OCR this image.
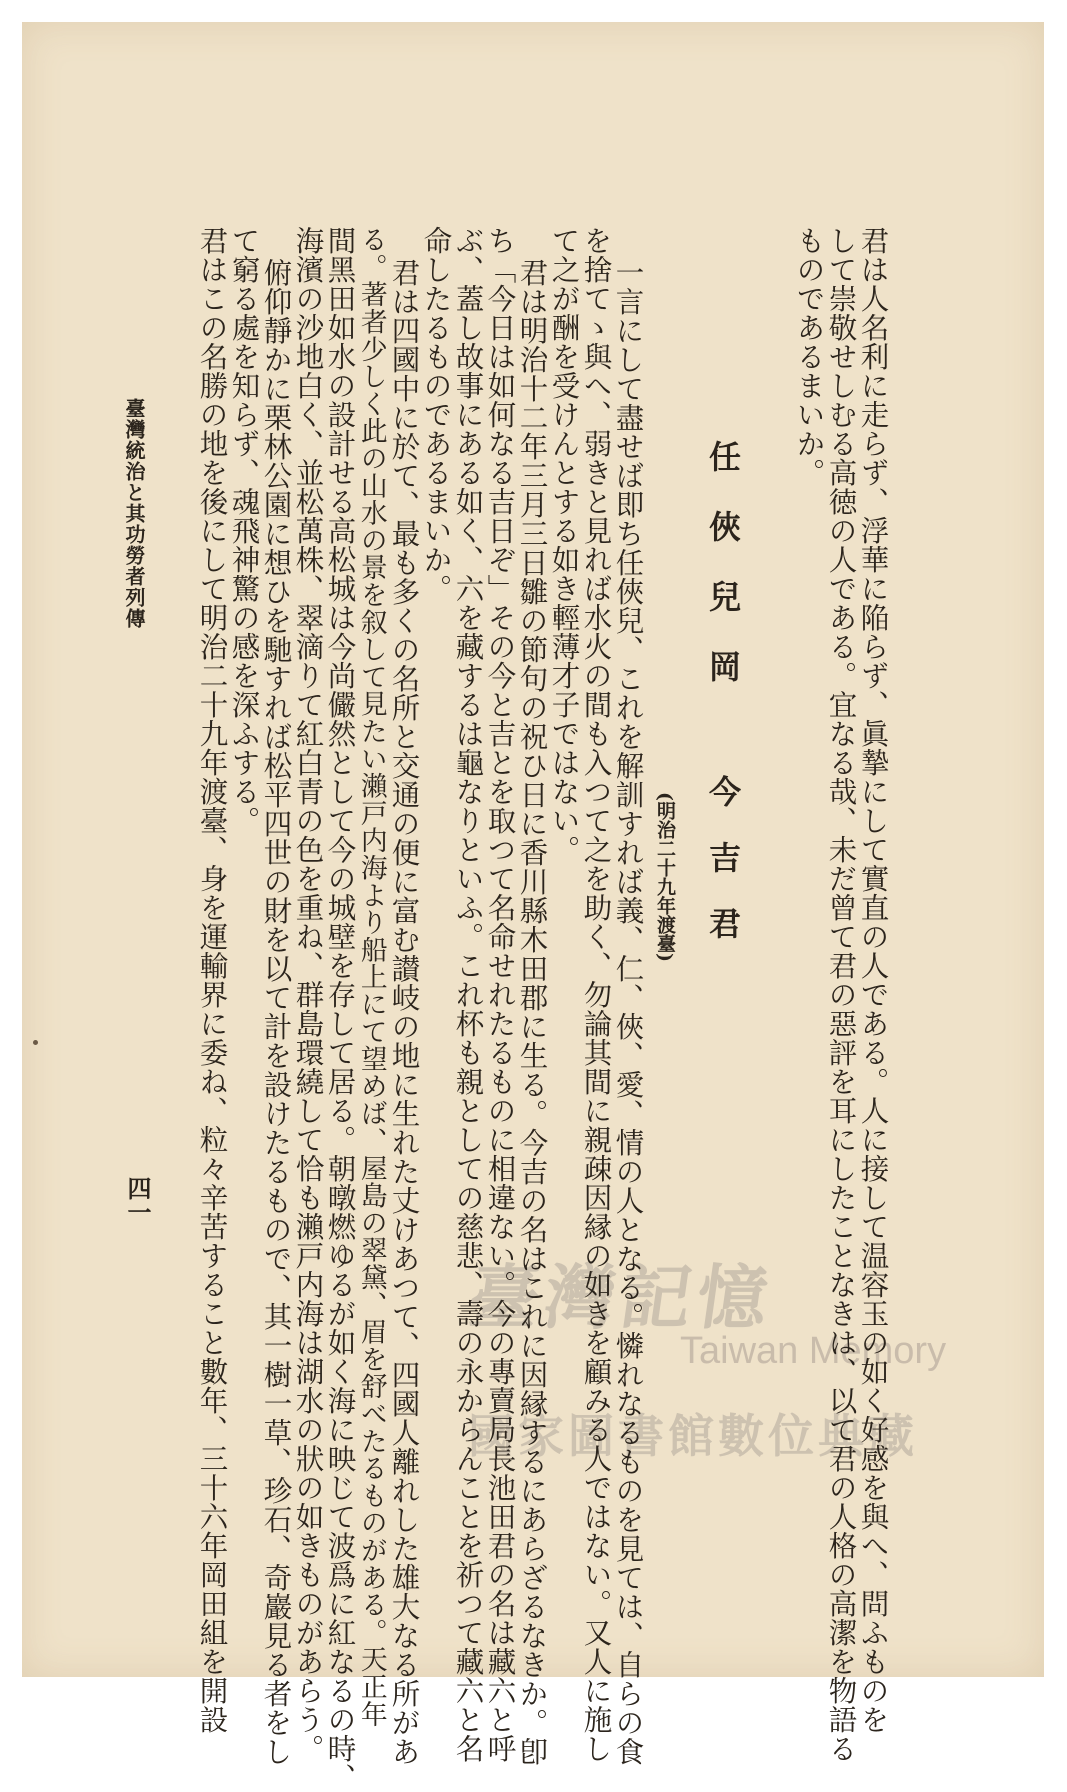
臺灣記憶
Taiwan Memory
國家圖書館數位典藏
任俠兒岡
今吉君
(明治二十九年渡臺)	君は人名利に走らず、浮華に陥らず、眞摯にして實直の人である。人に接して温容玉の如く好感を與へ、問ふものを
して崇敬せしむる高徳の人である。宜なる哉、未だ曾て君の惡評を耳にしたことなきは、以て君の人格の高潔を物語る
ものであるまいか。
一言にして盡せば即ち任俠兒、これを解訓すれば義、仁、俠、愛、情の人となる。憐れなるものを見ては、自らの食
を捨てゝ與へ、弱きと見れば水火の間も入つて之を助く、勿論其間に親疎因縁の如きを顧みる人ではない。又人に施し
て之が酬を受けんとする如き輕薄才子ではない。
君は明治十二年三月三日雛の節句の祝ひ日に香川縣木田郡に生る。今吉の名はこれに因縁するにあらざるなきか。卽
ち「今日は如何なる吉日ぞ」その今と吉とを取つて名命せれたるものに相違ない。今の專賣局長池田君の名は藏六と呼
ぶ、蓋し故事にある如く、六を藏するは龜なりといふ。これ杯も親としての慈悲、壽の永からんことを祈つて藏六と名
命したるものであるまいか。
君は四國中に於て、最も多くの名所と交通の便に富む讃岐の地に生れた丈けあつて、四國人離れした雄大なる所があ
る。著者少しく此の山水の景を叙して見たい瀨戸内海より船上にて望めば、屋島の翠黛、眉を舒べたるものがある。天正年
間黑田如水の設計せる高松城は今尚儼然として今の城壁を存して居る。朝暾燃ゆるが如く海に映じて波爲に紅なるの時、
海濱の沙地白く、並松萬株、翠滴りて紅白青の色を重ね、群島環繞して恰も瀨戸内海は湖水の狀の如きものがあらう。
俯仰靜かに栗林公園に想ひを馳すれば松平四世の財を以て計を設けたるもので、其一樹一草、珍石、奇巖見る者をし
て窮る處を知らず、魂飛神驚の感を深ふする。
君はこの名勝の地を後にして明治二十九年渡臺、身を運輸界に委ね、粒々辛苦すること數年、三十六年岡田組を開設
臺灣統治と其功勞者列傳
四一
